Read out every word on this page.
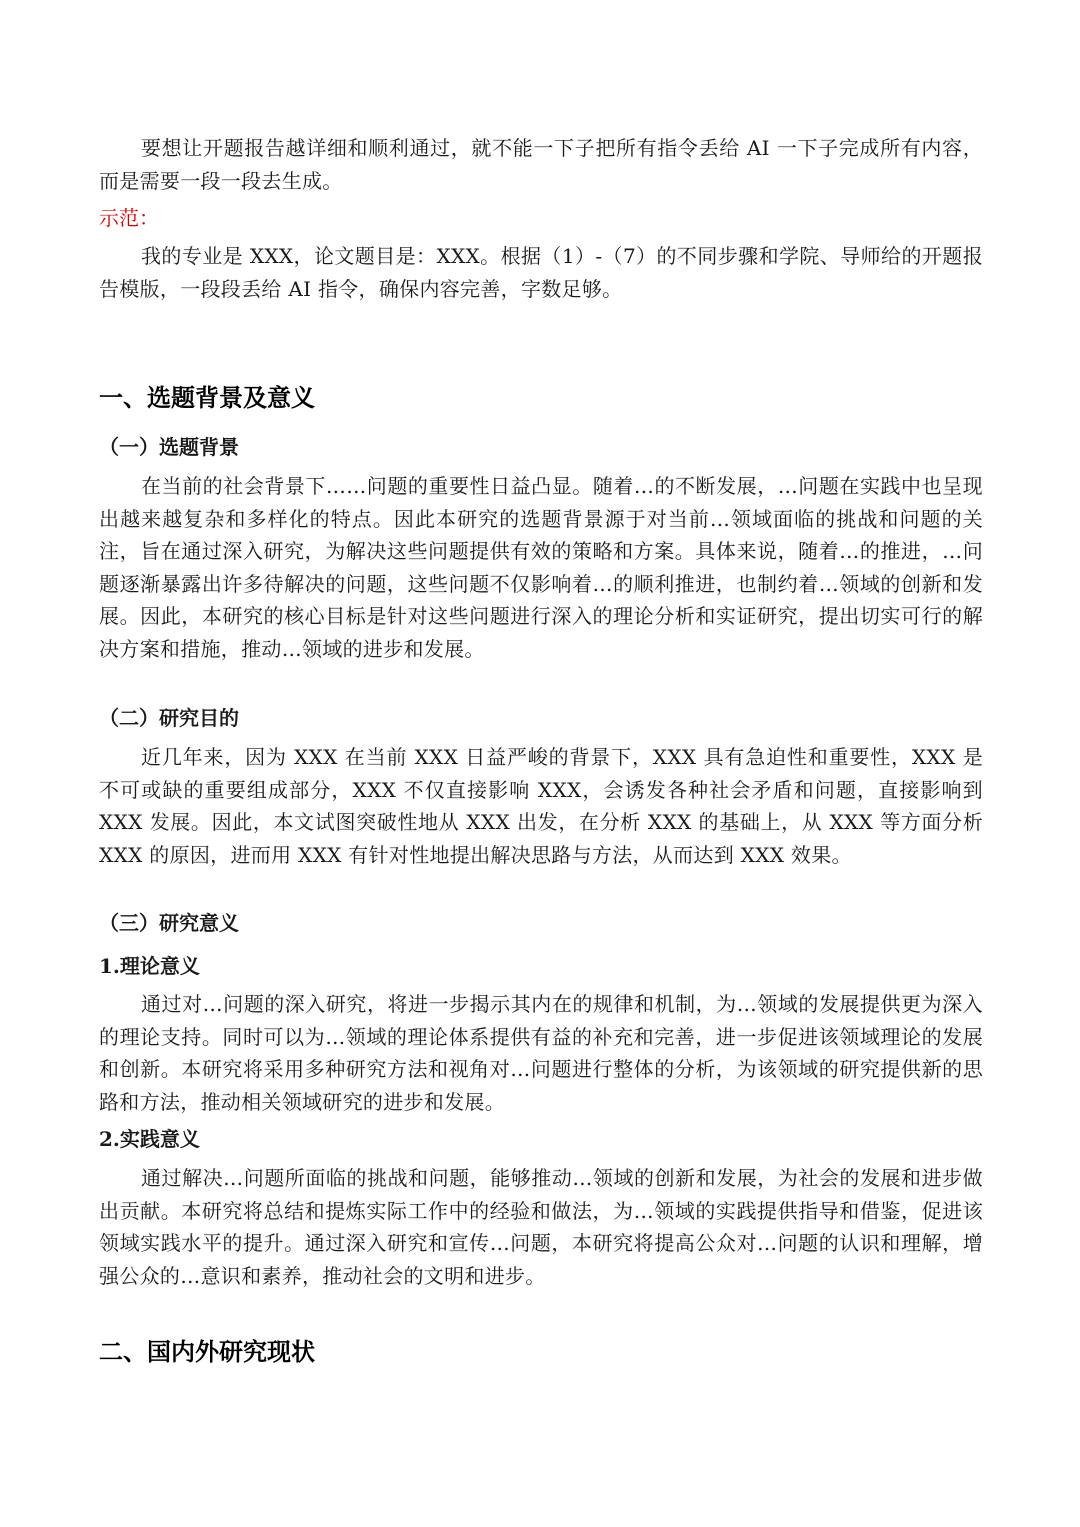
要想让开题报告越详细和顺利通过，就不能一下子把所有指令丢给 AI 一下子完成所有内容，而是需要一段一段去生成。

示范：

我的专业是 XXX，论文题目是：XXX。根据（1）-（7）的不同步骤和学院、导师给的开题报告模版，一段段丢给 AI 指令，确保内容完善，字数足够。

一、选题背景及意义
（一）选题背景

在当前的社会背景下……问题的重要性日益凸显。随着…的不断发展，…问题在实践中也呈现出越来越复杂和多样化的特点。因此本研究的选题背景源于对当前…领域面临的挑战和问题的关注，旨在通过深入研究，为解决这些问题提供有效的策略和方案。具体来说，随着…的推进，…问题逐渐暴露出许多待解决的问题，这些问题不仅影响着…的顺利推进，也制约着…领域的创新和发展。因此，本研究的核心目标是针对这些问题进行深入的理论分析和实证研究，提出切实可行的解决方案和措施，推动…领域的进步和发展。

（二）研究目的

近几年来，因为 XXX 在当前 XXX 日益严峻的背景下，XXX 具有急迫性和重要性，XXX 是不可或缺的重要组成部分，XXX 不仅直接影响 XXX，会诱发各种社会矛盾和问题，直接影响到 XXX 发展。因此，本文试图突破性地从 XXX 出发，在分析 XXX 的基础上，从 XXX 等方面分析 XXX 的原因，进而用 XXX 有针对性地提出解决思路与方法，从而达到 XXX 效果。

（三）研究意义
1.理论意义

通过对…问题的深入研究，将进一步揭示其内在的规律和机制，为…领域的发展提供更为深入的理论支持。同时可以为…领域的理论体系提供有益的补充和完善，进一步促进该领域理论的发展和创新。本研究将采用多种研究方法和视角对…问题进行整体的分析，为该领域的研究提供新的思路和方法，推动相关领域研究的进步和发展。

2.实践意义

通过解决…问题所面临的挑战和问题，能够推动…领域的创新和发展，为社会的发展和进步做出贡献。本研究将总结和提炼实际工作中的经验和做法，为…领域的实践提供指导和借鉴，促进该领域实践水平的提升。通过深入研究和宣传…问题，本研究将提高公众对…问题的认识和理解，增强公众的…意识和素养，推动社会的文明和进步。

二、国内外研究现状
